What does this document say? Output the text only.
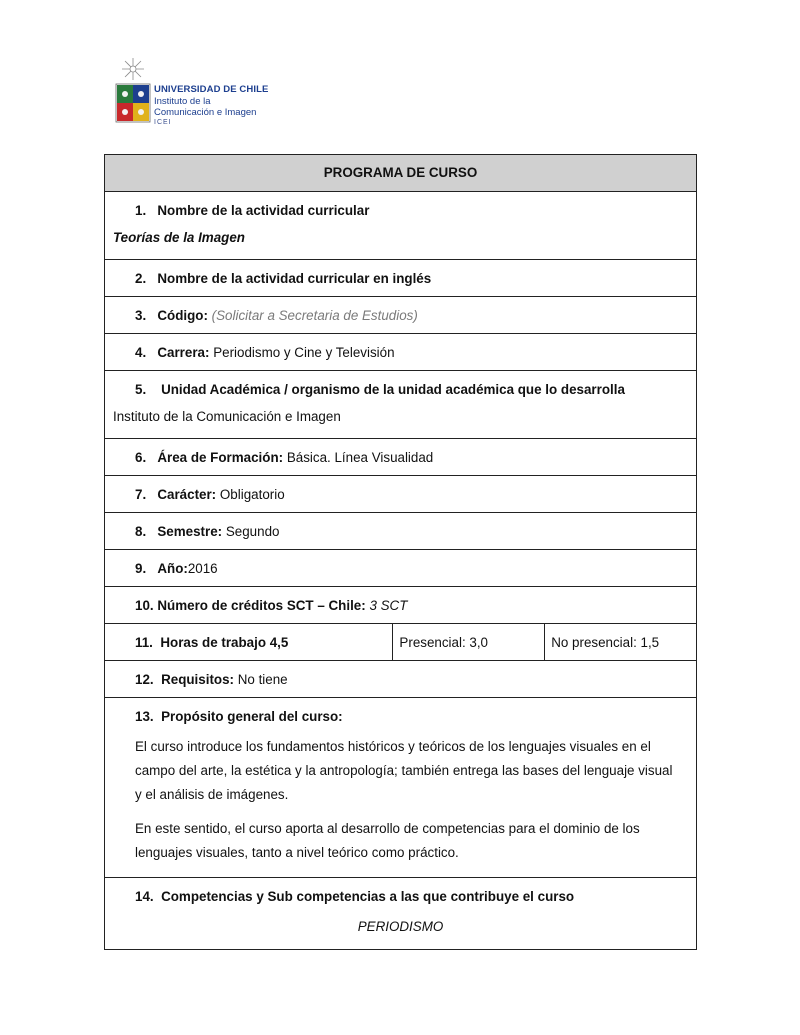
UNIVERSIDAD DE CHILE
Instituto de la
Comunicación e Imagen
ICEI
PROGRAMA DE CURSO

1. Nombre de la actividad curricular
Teorías de la Imagen

2. Nombre de la actividad curricular en inglés

3. Código: (Solicitar a Secretaria de Estudios)

4. Carrera: Periodismo y Cine y Televisión

5. Unidad Académica / organismo de la unidad académica que lo desarrolla
Instituto de la Comunicación e Imagen

6. Área de Formación: Básica. Línea Visualidad

7. Carácter: Obligatorio

8. Semestre: Segundo

9. Año:2016

10. Número de créditos SCT – Chile: 3 SCT

11. Horas de trabajo 4,5	Presencial: 3,0	No presencial: 1,5

12. Requisitos: No tiene

13. Propósito general del curso:

El curso introduce los fundamentos históricos y teóricos de los lenguajes visuales en el campo del arte, la estética y la antropología; también entrega las bases del lenguaje visual y el análisis de imágenes.

En este sentido, el curso aporta al desarrollo de competencias para el dominio de los lenguajes visuales, tanto a nivel teórico como práctico.

14. Competencias y Sub competencias a las que contribuye el curso
PERIODISMO
